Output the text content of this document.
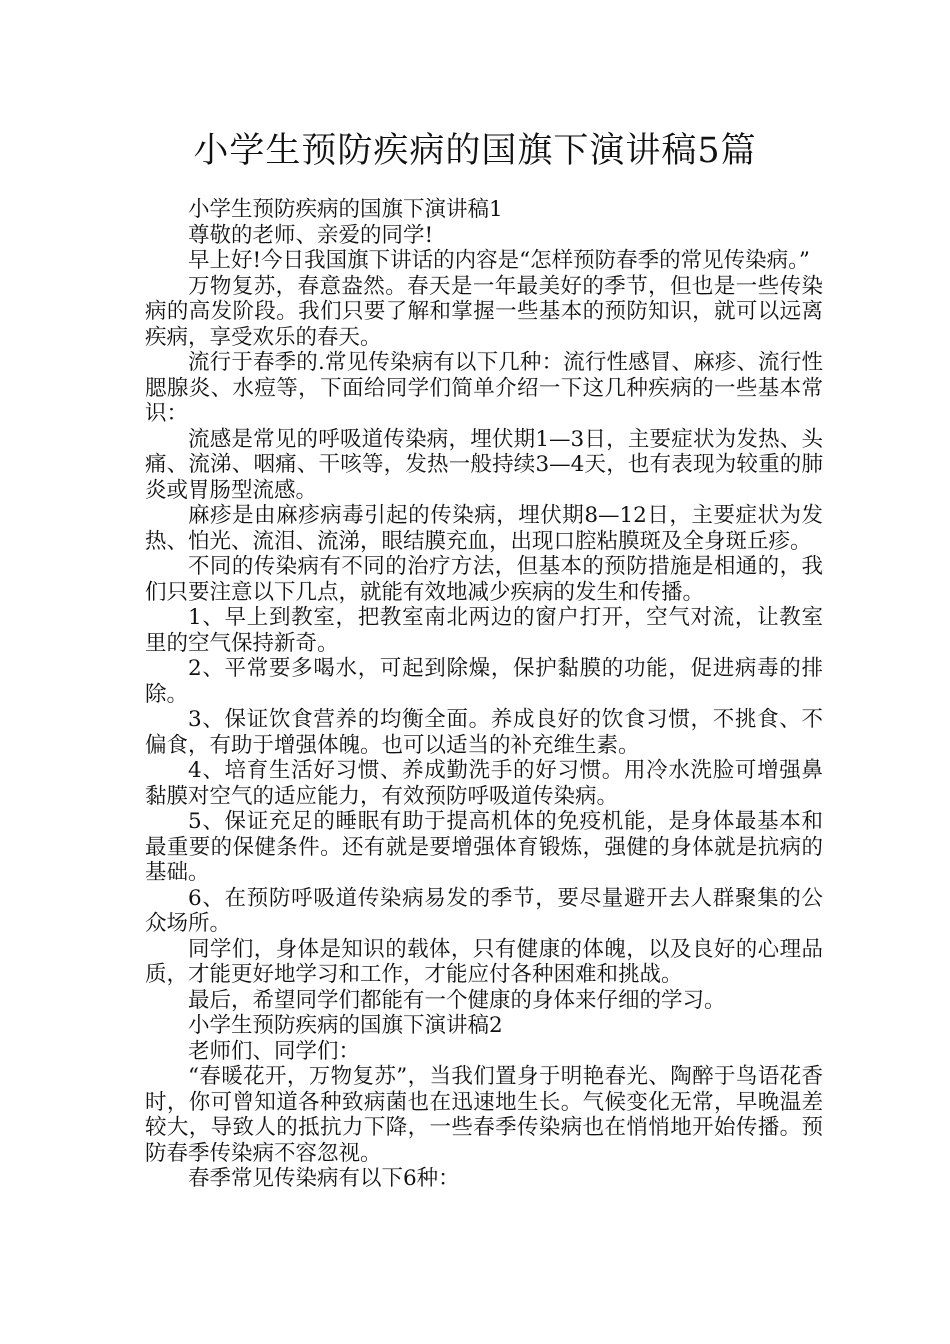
小学生预防疾病的国旗下演讲稿5篇

小学生预防疾病的国旗下演讲稿1

尊敬的老师、亲爱的同学!

早上好!今日我国旗下讲话的内容是“怎样预防春季的常见传染病。”

万物复苏，春意盎然。春天是一年最美好的季节，但也是一些传染病的高发阶段。我们只要了解和掌握一些基本的预防知识，就可以远离疾病，享受欢乐的春天。

流行于春季的.常见传染病有以下几种：流行性感冒、麻疹、流行性腮腺炎、水痘等，下面给同学们简单介绍一下这几种疾病的一些基本常识：

流感是常见的呼吸道传染病，埋伏期1—3日，主要症状为发热、头痛、流涕、咽痛、干咳等，发热一般持续3—4天，也有表现为较重的肺炎或胃肠型流感。

麻疹是由麻疹病毒引起的传染病，埋伏期8—12日，主要症状为发热、怕光、流泪、流涕，眼结膜充血，出现口腔粘膜斑及全身斑丘疹。

不同的传染病有不同的治疗方法，但基本的预防措施是相通的，我们只要注意以下几点，就能有效地减少疾病的发生和传播。

1、早上到教室，把教室南北两边的窗户打开，空气对流，让教室里的空气保持新奇。

2、平常要多喝水，可起到除燥，保护黏膜的功能，促进病毒的排除。

3、保证饮食营养的均衡全面。养成良好的饮食习惯，不挑食、不偏食，有助于增强体魄。也可以适当的补充维生素。

4、培育生活好习惯、养成勤洗手的好习惯。用冷水洗脸可增强鼻黏膜对空气的适应能力，有效预防呼吸道传染病。

5、保证充足的睡眠有助于提高机体的免疫机能，是身体最基本和最重要的保健条件。还有就是要增强体育锻炼，强健的身体就是抗病的基础。

6、在预防呼吸道传染病易发的季节，要尽量避开去人群聚集的公众场所。

同学们，身体是知识的载体，只有健康的体魄，以及良好的心理品质，才能更好地学习和工作，才能应付各种困难和挑战。

最后，希望同学们都能有一个健康的身体来仔细的学习。

小学生预防疾病的国旗下演讲稿2

老师们、同学们：

“春暖花开，万物复苏”，当我们置身于明艳春光、陶醉于鸟语花香时，你可曾知道各种致病菌也在迅速地生长。气候变化无常，早晚温差较大，导致人的抵抗力下降，一些春季传染病也在悄悄地开始传播。预防春季传染病不容忽视。

春季常见传染病有以下6种：
